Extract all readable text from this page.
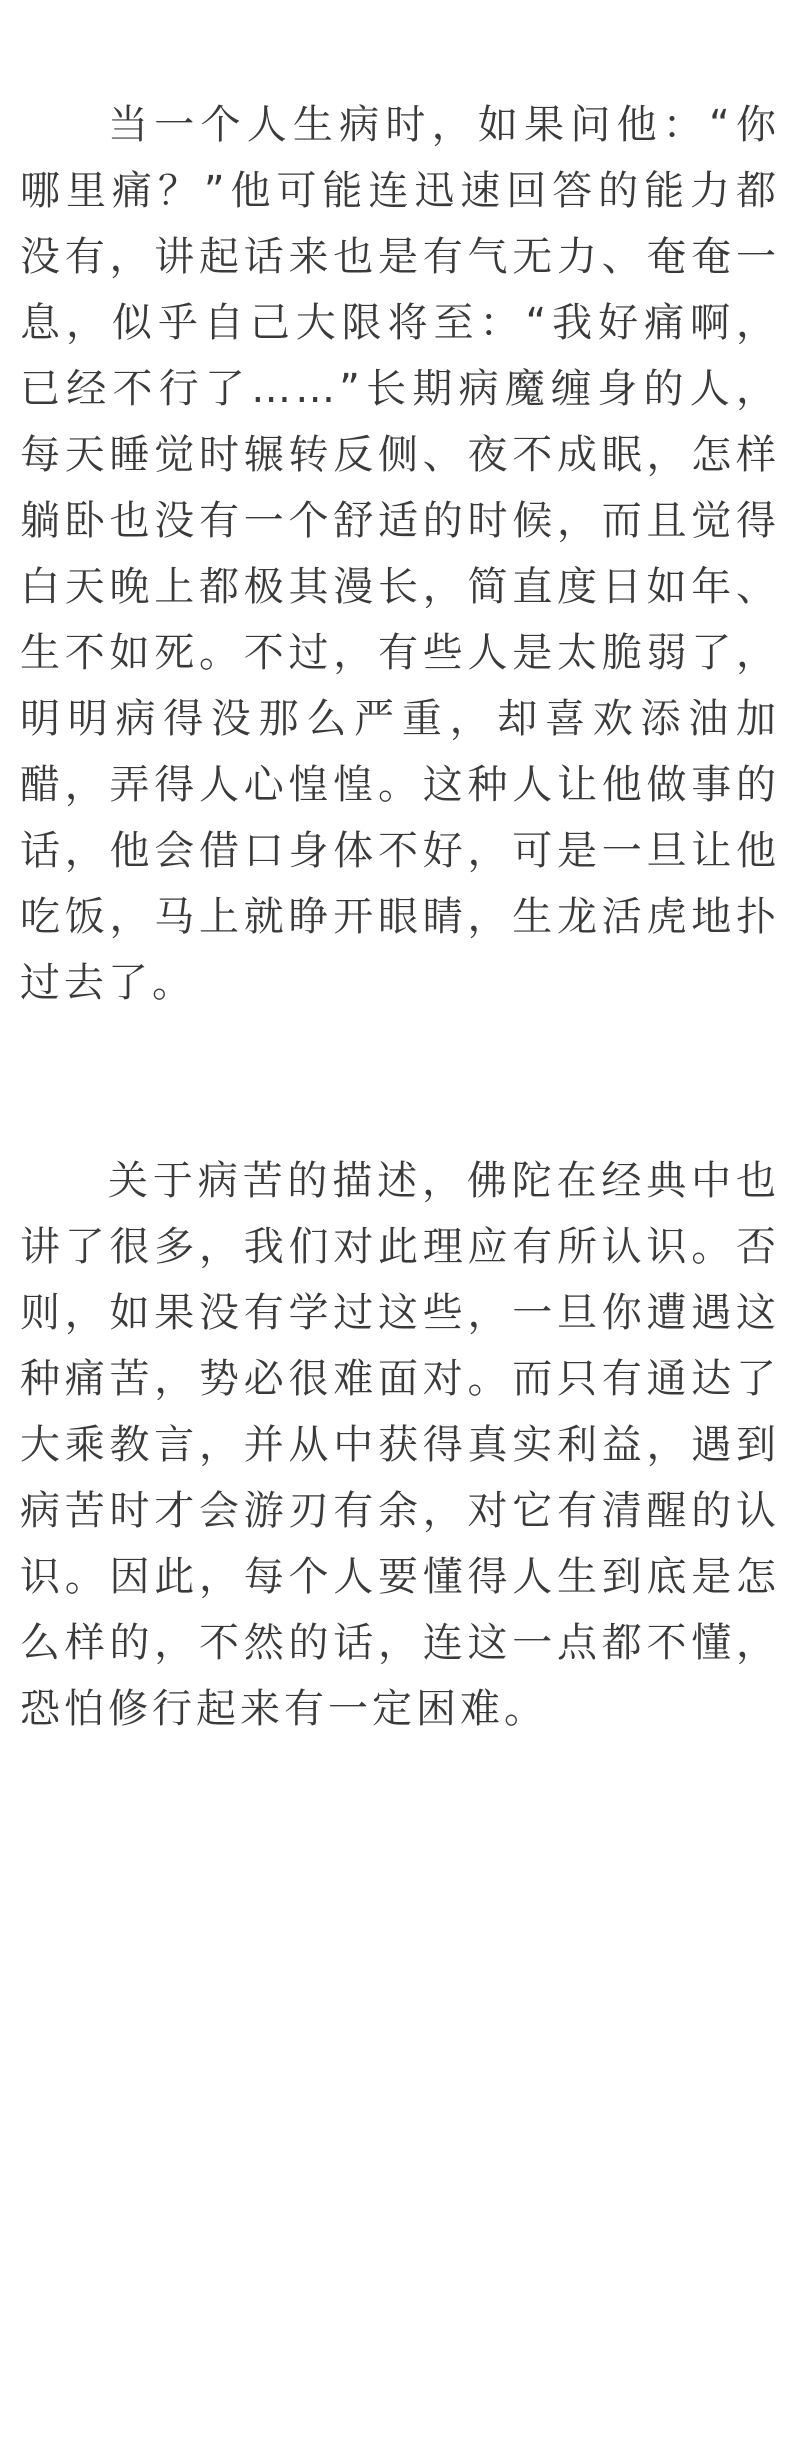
当一个人生病时，如果问他：“你哪里痛？”他可能连迅速回答的能力都没有，讲起话来也是有气无力、奄奄一息，似乎自己大限将至：“我好痛啊，已经不行了……”长期病魔缠身的人，每天睡觉时辗转反侧、夜不成眠，怎样躺卧也没有一个舒适的时候，而且觉得白天晚上都极其漫长，简直度日如年、生不如死。不过，有些人是太脆弱了，明明病得没那么严重，却喜欢添油加醋，弄得人心惶惶。这种人让他做事的话，他会借口身体不好，可是一旦让他吃饭，马上就睁开眼睛，生龙活虎地扑过去了。

关于病苦的描述，佛陀在经典中也讲了很多，我们对此理应有所认识。否则，如果没有学过这些，一旦你遭遇这种痛苦，势必很难面对。而只有通达了大乘教言，并从中获得真实利益，遇到病苦时才会游刃有余，对它有清醒的认识。因此，每个人要懂得人生到底是怎么样的，不然的话，连这一点都不懂，恐怕修行起来有一定困难。
